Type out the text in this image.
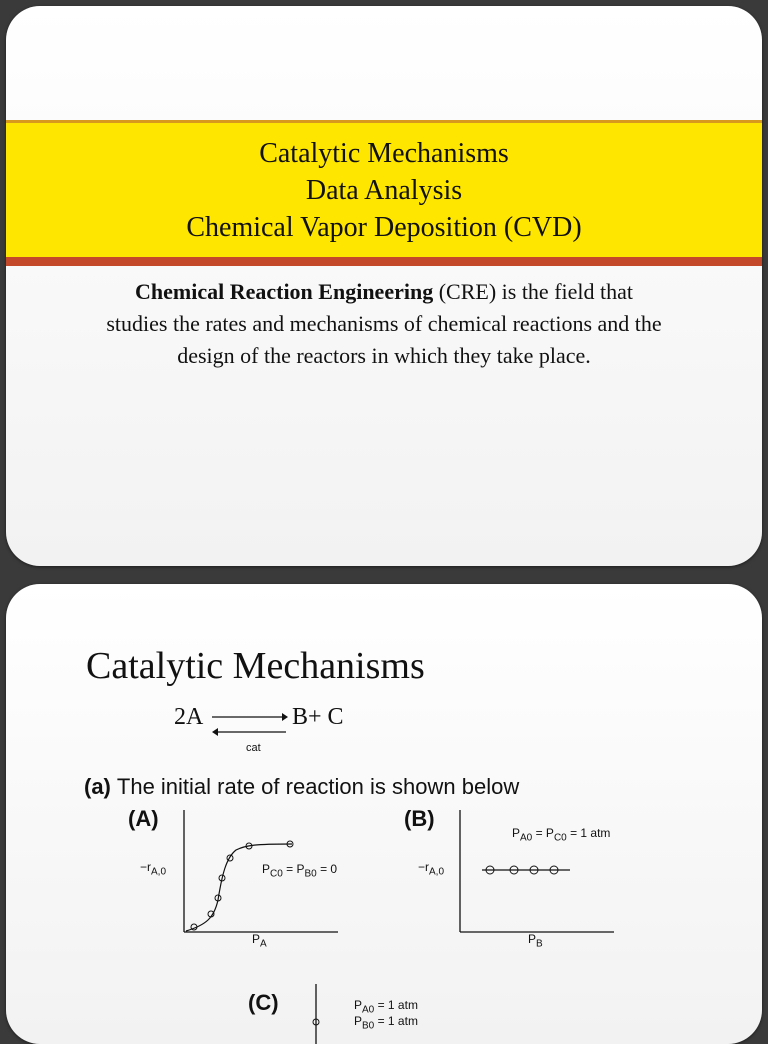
Catalytic Mechanisms
Data Analysis
Chemical Vapor Deposition (CVD)
Chemical Reaction Engineering (CRE) is the field that studies the rates and mechanisms of chemical reactions and the design of the reactors in which they take place.
Catalytic Mechanisms
2A	B+ C
cat
(a) The initial rate of reaction is shown below
(A)
$-r_{A,0}$
$P_A$
$P_{C0} = P_{B0} = 0$
(B)
$-r_{A,0}$
$P_B$
$P_{A0} = P_{C0} = 1$ atm
(C)	$P_{A0} = 1$ atm
$P_{B0} = 1$ atm
